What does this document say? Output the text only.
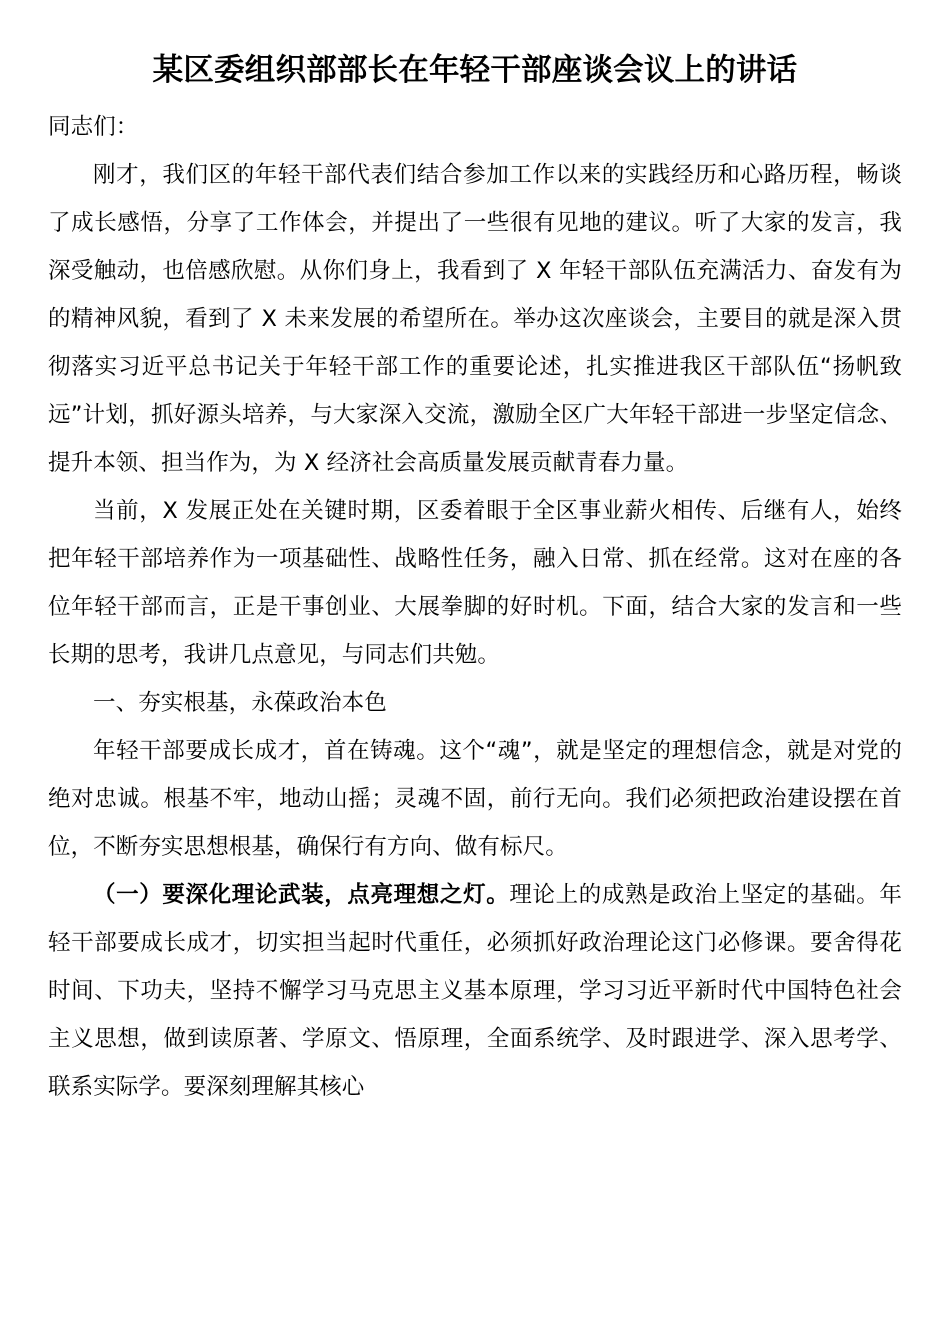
某区委组织部部长在年轻干部座谈会议上的讲话

同志们：

刚才，我们区的年轻干部代表们结合参加工作以来的实践经历和心路历程，畅谈了成长感悟，分享了工作体会，并提出了一些很有见地的建议。听了大家的发言，我深受触动，也倍感欣慰。从你们身上，我看到了 X 年轻干部队伍充满活力、奋发有为的精神风貌，看到了 X 未来发展的希望所在。举办这次座谈会，主要目的就是深入贯彻落实习近平总书记关于年轻干部工作的重要论述，扎实推进我区干部队伍“扬帆致远”计划，抓好源头培养，与大家深入交流，激励全区广大年轻干部进一步坚定信念、提升本领、担当作为，为 X 经济社会高质量发展贡献青春力量。

当前，X 发展正处在关键时期，区委着眼于全区事业薪火相传、后继有人，始终把年轻干部培养作为一项基础性、战略性任务，融入日常、抓在经常。这对在座的各位年轻干部而言，正是干事创业、大展拳脚的好时机。下面，结合大家的发言和一些长期的思考，我讲几点意见，与同志们共勉。

一、夯实根基，永葆政治本色

年轻干部要成长成才，首在铸魂。这个“魂”，就是坚定的理想信念，就是对党的绝对忠诚。根基不牢，地动山摇；灵魂不固，前行无向。我们必须把政治建设摆在首位，不断夯实思想根基，确保行有方向、做有标尺。

（一）要深化理论武装，点亮理想之灯。理论上的成熟是政治上坚定的基础。年轻干部要成长成才，切实担当起时代重任，必须抓好政治理论这门必修课。要舍得花时间、下功夫，坚持不懈学习马克思主义基本原理，学习习近平新时代中国特色社会主义思想，做到读原著、学原文、悟原理，全面系统学、及时跟进学、深入思考学、联系实际学。要深刻理解其核心
